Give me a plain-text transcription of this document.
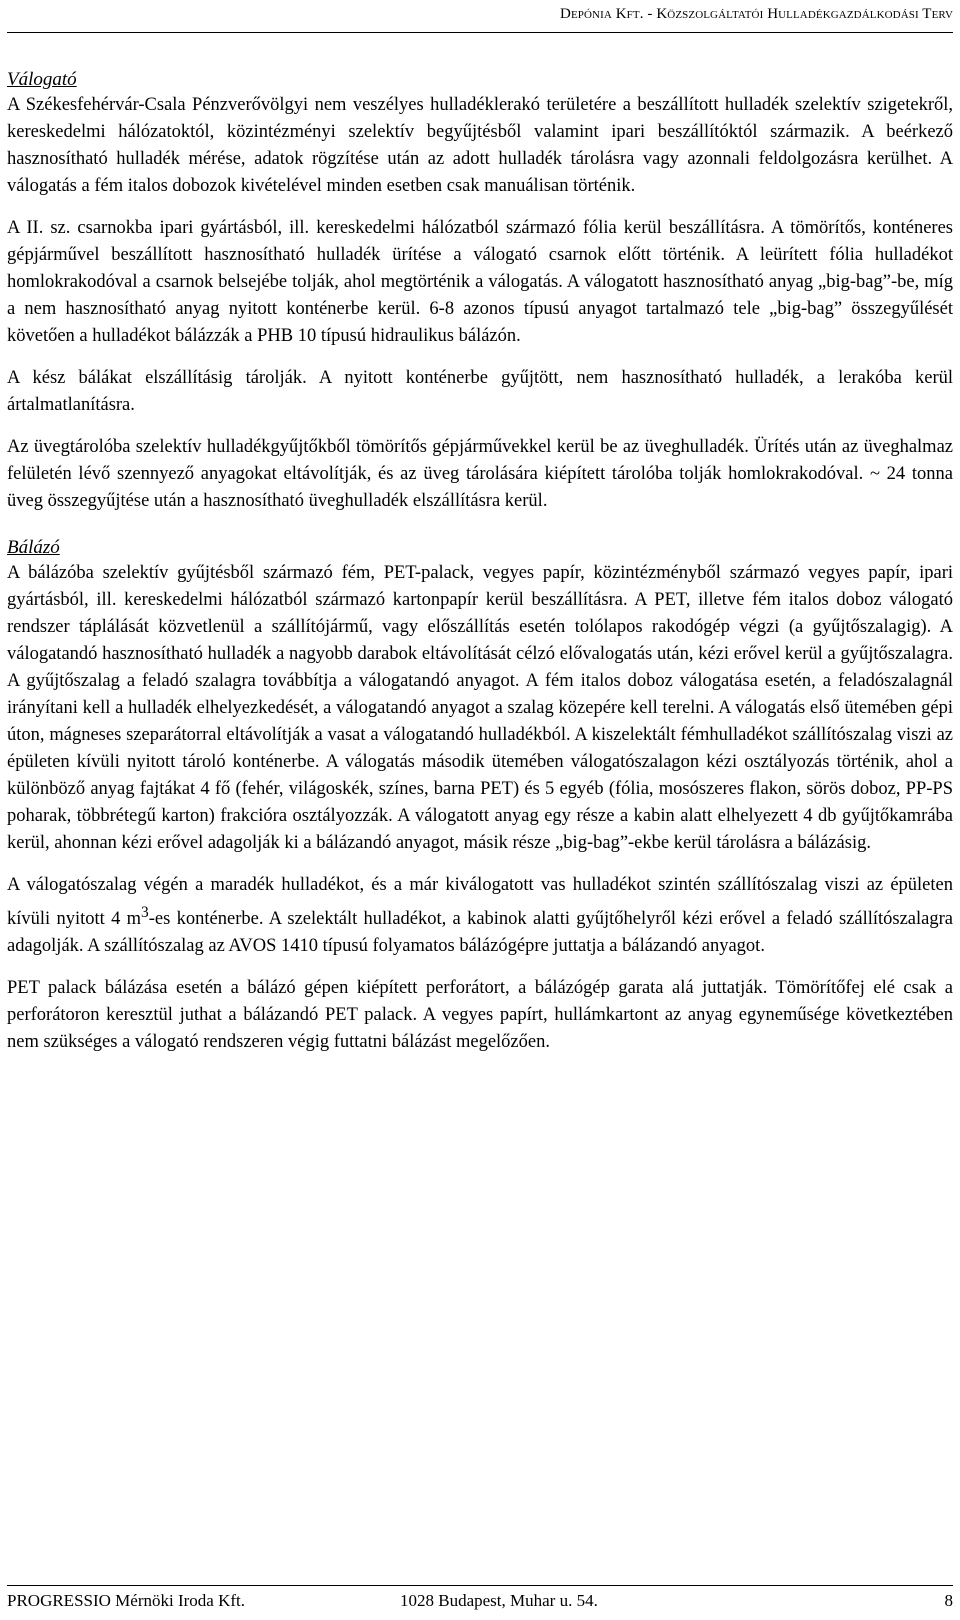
Depónia Kft. - Közszolgáltatói Hulladékgazdálkodási Terv
Válogató

A Székesfehérvár-Csala Pénzverővölgyi nem veszélyes hulladéklerakó területére a beszállított hulladék szelektív szigetekről, kereskedelmi hálózatoktól, közintézményi szelektív begyűjtésből valamint ipari beszállítóktól származik. A beérkező hasznosítható hulladék mérése, adatok rögzítése után az adott hulladék tárolásra vagy azonnali feldolgozásra kerülhet. A válogatás a fém italos dobozok kivételével minden esetben csak manuálisan történik.

A II. sz. csarnokba ipari gyártásból, ill. kereskedelmi hálózatból származó fólia kerül beszállításra. A tömörítős, konténeres gépjárművel beszállított hasznosítható hulladék ürítése a válogató csarnok előtt történik. A leürített fólia hulladékot homlokrakodóval a csarnok belsejébe tolják, ahol megtörténik a válogatás. A válogatott hasznosítható anyag „big-bag”-be, míg a nem hasznosítható anyag nyitott konténerbe kerül. 6-8 azonos típusú anyagot tartalmazó tele „big-bag” összegyűlését követően a hulladékot bálázzák a PHB 10 típusú hidraulikus bálázón.

A kész bálákat elszállításig tárolják. A nyitott konténerbe gyűjtött, nem hasznosítható hulladék, a lerakóba kerül ártalmatlanításra.

Az üvegtárolóba szelektív hulladékgyűjtőkből tömörítős gépjárművekkel kerül be az üveghulladék. Ürítés után az üveghalmaz felületén lévő szennyező anyagokat eltávolítják, és az üveg tárolására kiépített tárolóba tolják homlokrakodóval. ~ 24 tonna üveg összegyűjtése után a hasznosítható üveghulladék elszállításra kerül.

Bálázó

A bálázóba szelektív gyűjtésből származó fém, PET-palack, vegyes papír, közintézményből származó vegyes papír, ipari gyártásból, ill. kereskedelmi hálózatból származó kartonpapír kerül beszállításra. A PET, illetve fém italos doboz válogató rendszer táplálását közvetlenül a szállítójármű, vagy előszállítás esetén tolólapos rakodógép végzi (a gyűjtőszalagig). A válogatandó hasznosítható hulladék a nagyobb darabok eltávolítását célzó elővalogatás után, kézi erővel kerül a gyűjtőszalagra. A gyűjtőszalag a feladó szalagra továbbítja a válogatandó anyagot. A fém italos doboz válogatása esetén, a feladószalagnál irányítani kell a hulladék elhelyezkedését, a válogatandó anyagot a szalag közepére kell terelni. A válogatás első ütemében gépi úton, mágneses szeparátorral eltávolítják a vasat a válogatandó hulladékból. A kiszelektált fémhulladékot szállítószalag viszi az épületen kívüli nyitott tároló konténerbe. A válogatás második ütemében válogatószalagon kézi osztályozás történik, ahol a különböző anyag fajtákat 4 fő (fehér, világoskék, színes, barna PET) és 5 egyéb (fólia, mosószeres flakon, sörös doboz, PP-PS poharak, többrétegű karton) frakcióra osztályozzák. A válogatott anyag egy része a kabin alatt elhelyezett 4 db gyűjtőkamrába kerül, ahonnan kézi erővel adagolják ki a bálázandó anyagot, másik része „big-bag”-ekbe kerül tárolásra a bálázásig.

A válogatószalag végén a maradék hulladékot, és a már kiválogatott vas hulladékot szintén szállítószalag viszi az épületen kívüli nyitott 4 $m^3-es$ konténerbe. A szelektált hulladékot, a kabinok alatti gyűjtőhelyről kézi erővel a feladó szállítószalagra adagolják. A szállítószalag az AVOS 1410 típusú folyamatos bálázógépre juttatja a bálázandó anyagot.

PET palack bálázása esetén a bálázó gépen kiépített perforátort, a bálázógép garata alá juttatják. Tömörítőfej elé csak a perforátoron keresztül juthat a bálázandó PET palack. A vegyes papírt, hullámkartont az anyag egyneműsége következtében nem szükséges a válogató rendszeren végig futtatni bálázást megelőzően.

PROGRESSIO Mérnöki Iroda Kft.	1028 Budapest, Muhar u. 54.	8
